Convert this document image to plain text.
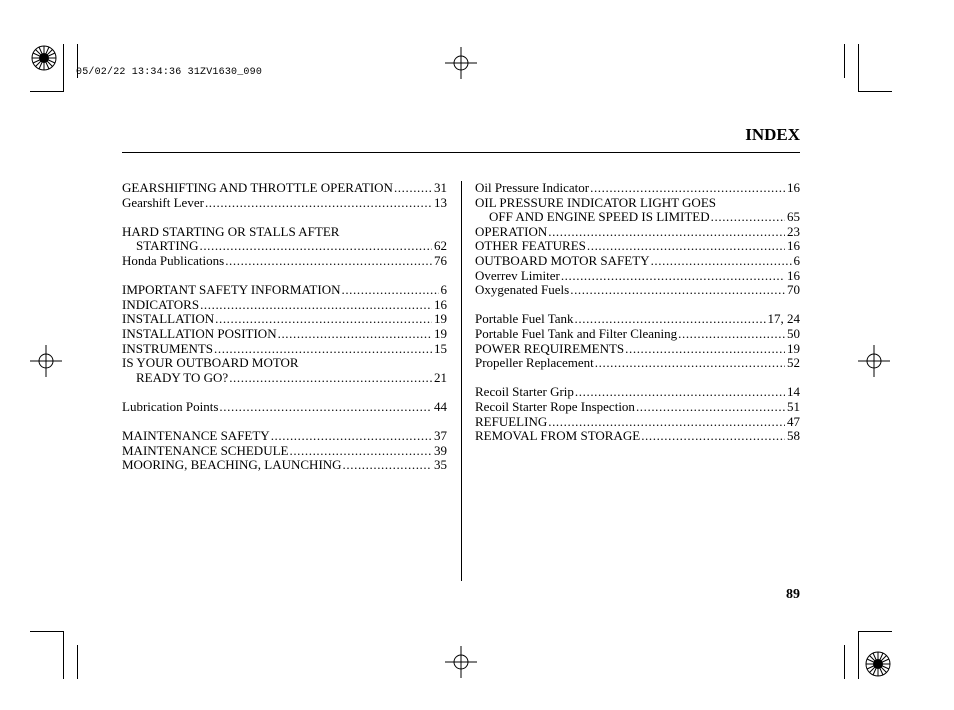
05/02/22 13:34:36 31ZV1630_090
INDEX
GEARSHIFTING AND THROTTLE OPERATION .....	31
Gearshift Lever .....	13
HARD STARTING OR STALLS AFTER
STARTING .....	62
Honda Publications .....	76
IMPORTANT SAFETY INFORMATION .....	6
INDICATORS .....	16
INSTALLATION .....	19
INSTALLATION POSITION .....	19
INSTRUMENTS .....	15
IS YOUR OUTBOARD MOTOR
READY TO GO? .....	21
Lubrication Points .....	44
MAINTENANCE SAFETY .....	37
MAINTENANCE SCHEDULE .....	39
MOORING, BEACHING, LAUNCHING .....	35
Oil Pressure Indicator .....	16
OIL PRESSURE INDICATOR LIGHT GOES
OFF AND ENGINE SPEED IS LIMITED .....	65
OPERATION .....	23
OTHER FEATURES .....	16
OUTBOARD MOTOR SAFETY .....	6
Overrev Limiter .....	16
Oxygenated Fuels .....	70
Portable Fuel Tank .....	17, 24
Portable Fuel Tank and Filter Cleaning .....	50
POWER REQUIREMENTS .....	19
Propeller Replacement .....	52
Recoil Starter Grip .....	14
Recoil Starter Rope Inspection .....	51
REFUELING .....	47
REMOVAL FROM STORAGE .....	58
89
